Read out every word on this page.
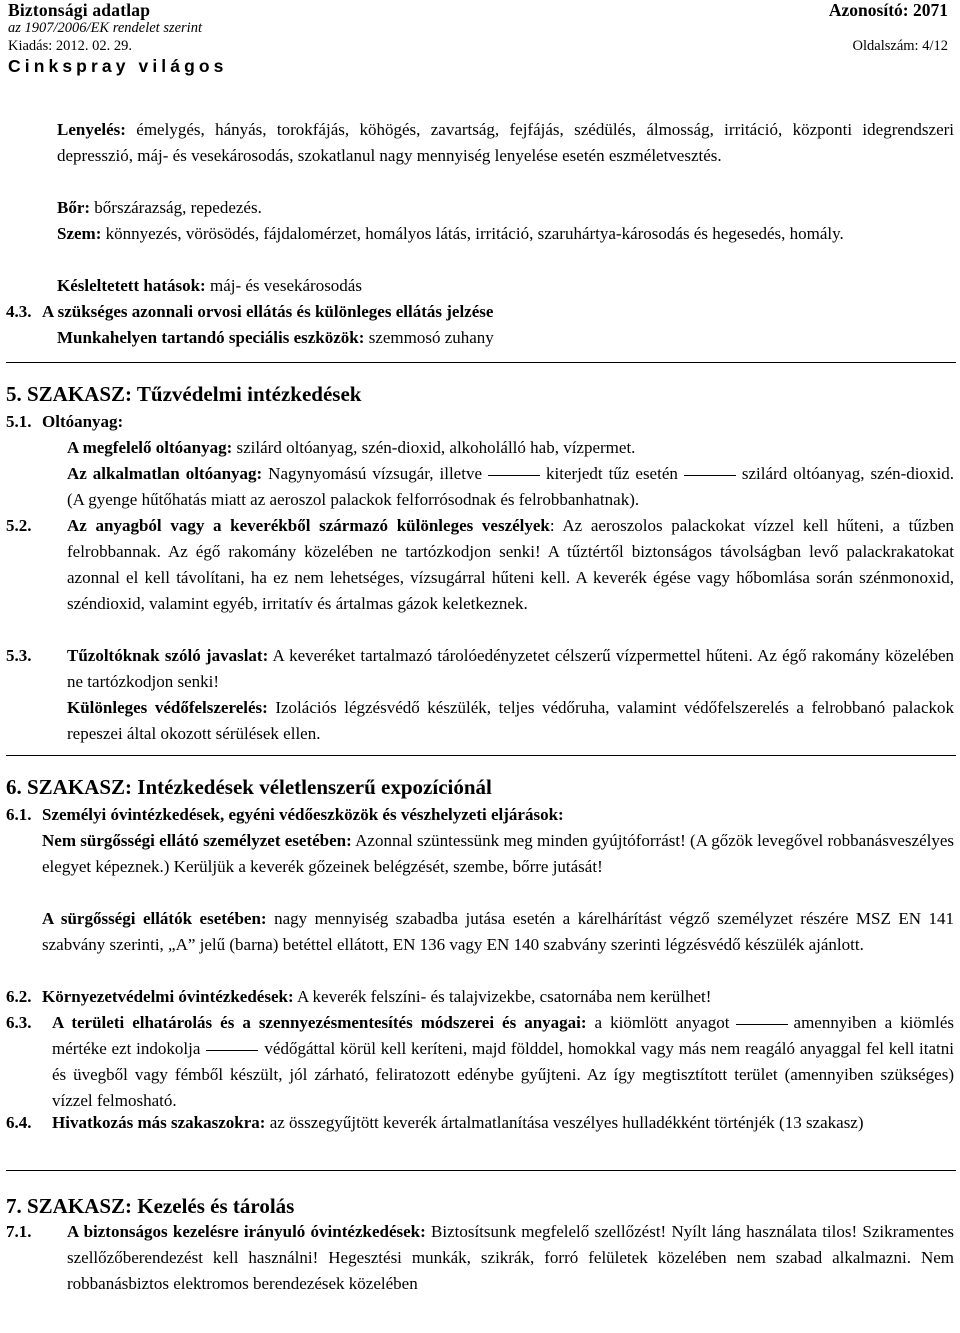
Biztonsági adatlap	Azonosító: 2071
az 1907/2006/EK rendelet szerint
Kiadás: 2012. 02. 29.	Oldalszám: 4/12
Cinkspray világos
Lenyelés: émelygés, hányás, torokfájás, köhögés, zavartság, fejfájás, szédülés, álmosság, irritáció, központi idegrendszeri depresszió, máj- és vesekárosodás, szokatlanul nagy mennyiség lenyelése esetén eszméletvesztés.
Bőr: bőrszárazság, repedezés.
Szem: könnyezés, vörösödés, fájdalomérzet, homályos látás, irritáció, szaruhártya-károsodás és hegesedés, homály.
Késleltetett hatások: máj- és vesekárosodás
4.3. A szükséges azonnali orvosi ellátás és különleges ellátás jelzése
Munkahelyen tartandó speciális eszközök: szemmosó zuhany
5. SZAKASZ: Tűzvédelmi intézkedések
5.1. Oltóanyag:
A megfelelő oltóanyag: szilárd oltóanyag, szén-dioxid, alkoholálló hab, vízpermet.
Az alkalmatlan oltóanyag: Nagynyomású vízsugár, illetve	kiterjedt tűz esetén	szilárd oltóanyag, szén-dioxid. (A gyenge hűtőhatás miatt az aeroszol palackok felforrósodnak és felrobbanhatnak).
5.2. Az anyagból vagy a keverékből származó különleges veszélyek: Az aeroszolos palackokat vízzel kell hűteni, a tűzben felrobbannak. Az égő rakomány közelében ne tartózkodjon senki! A tűztértől biztonságos távolságban levő palackrakatokat azonnal el kell távolítani, ha ez nem lehetséges, vízsugárral hűteni kell. A keverék égése vagy hőbomlása során szénmonoxid, széndioxid, valamint egyéb, irritatív és ártalmas gázok keletkeznek.
5.3. Tűzoltóknak szóló javaslat: A keveréket tartalmazó tárolóedényzetet célszerű vízpermettel hűteni. Az égő rakomány közelében ne tartózkodjon senki!
Különleges védőfelszerelés: Izolációs légzésvédő készülék, teljes védőruha, valamint védőfelszerelés a felrobbanó palackok repeszei által okozott sérülések ellen.
6. SZAKASZ: Intézkedések véletlenszerű expozíciónál
6.1. Személyi óvintézkedések, egyéni védőeszközök és vészhelyzeti eljárások:
Nem sürgősségi ellátó személyzet esetében: Azonnal szüntessünk meg minden gyújtóforrást! (A gőzök levegővel robbanásveszélyes elegyet képeznek.) Kerüljük a keverék gőzeinek belégzését, szembe, bőrre jutását!
A sürgősségi ellátók esetében: nagy mennyiség szabadba jutása esetén a kárelhárítást végző személyzet részére MSZ EN 141 szabvány szerinti, „A” jelű (barna) betéttel ellátott, EN 136 vagy EN 140 szabvány szerinti légzésvédő készülék ajánlott.
6.2. Környezetvédelmi óvintézkedések: A keverék felszíni- és talajvizekbe, csatornába nem kerülhet!
6.3. A területi elhatárolás és a szennyezésmentesítés módszerei és anyagai: a kiömlött anyagot	amennyiben a kiömlés mértéke ezt indokolja	védőgáttal körül kell keríteni, majd földdel, homokkal vagy más nem reagáló anyaggal fel kell itatni és üvegből vagy fémből készült, jól zárható, feliratozott edénybe gyűjteni. Az így megtisztított terület (amennyiben szükséges) vízzel felmosható.
6.4. Hivatkozás más szakaszokra: az összegyűjtött keverék ártalmatlanítása veszélyes hulladékként történjék (13 szakasz)
7. SZAKASZ: Kezelés és tárolás
7.1. A biztonságos kezelésre irányuló óvintézkedések: Biztosítsunk megfelelő szellőzést! Nyílt láng használata tilos! Szikramentes szellőzőberendezést kell használni! Hegesztési munkák, szikrák, forró felületek közelében nem szabad alkalmazni. Nem robbanásbiztos elektromos berendezések közelében
